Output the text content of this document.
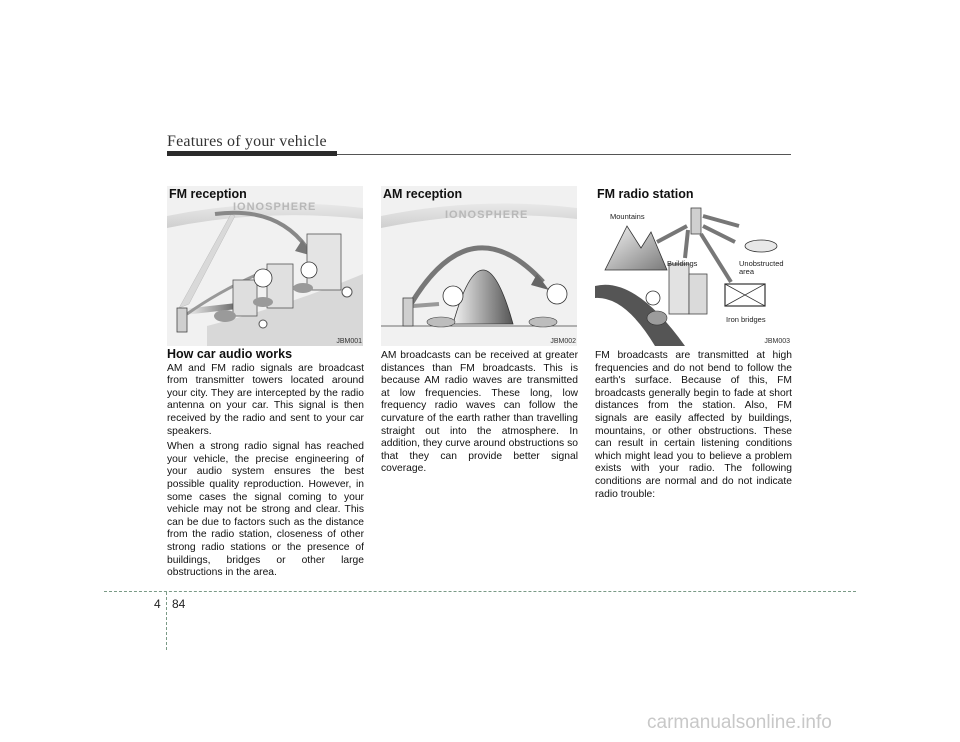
Features of your vehicle
FM reception
IONOSPHERE
JBM001
AM reception
IONOSPHERE
JBM002
FM radio station
Mountains
Buildings	Unobstructed area
Iron bridges
JBM003
How car audio works

AM and FM radio signals are broadcast from transmitter towers located around your city. They are intercepted by the radio antenna on your car. This signal is then received by the radio and sent to your car speakers.

When a strong radio signal has reached your vehicle, the precise engineering of your audio system ensures the best possible quality reproduction. However, in some cases the signal coming to your vehicle may not be strong and clear. This can be due to factors such as the distance from the radio station, closeness of other strong radio stations or the presence of buildings, bridges or other large obstructions in the area.

AM broadcasts can be received at greater distances than FM broadcasts. This is because AM radio waves are transmitted at low frequencies. These long, low frequency radio waves can follow the curvature of the earth rather than travelling straight out into the atmosphere. In addition, they curve around obstructions so that they can provide better signal coverage.

FM broadcasts are transmitted at high frequencies and do not bend to follow the earth's surface. Because of this, FM broadcasts generally begin to fade at short distances from the station. Also, FM signals are easily affected by buildings, mountains, or other obstructions. These can result in certain listening conditions which might lead you to believe a problem exists with your radio. The following conditions are normal and do not indicate radio trouble:

4 84
carmanualsonline.info
